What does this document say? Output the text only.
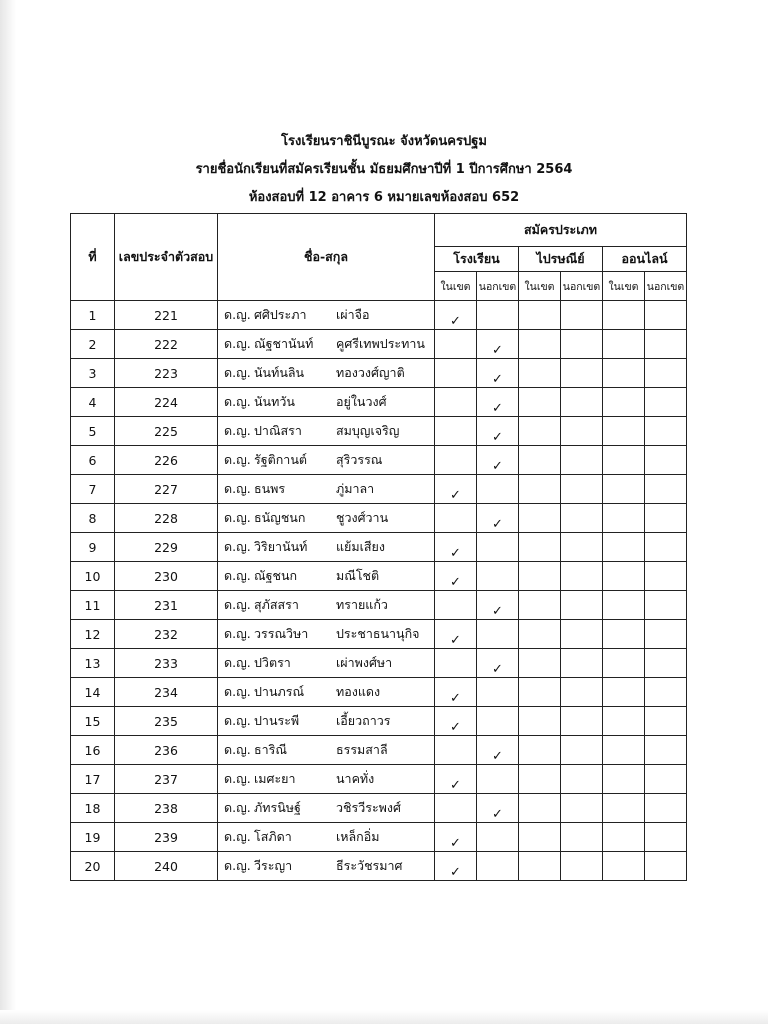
โรงเรียนราชินีบูรณะ จังหวัดนครปฐม
รายชื่อนักเรียนที่สมัครเรียนชั้น มัธยมศึกษาปีที่ 1 ปีการศึกษา 2564
ห้องสอบที่ 12 อาคาร 6 หมายเลขห้องสอบ 652
ที่	เลขประจำตัวสอบ	ชื่อ-สกุล	สมัครประเภท					
			โรงเรียน		ไปรษณีย์		ออนไลน์	
			ในเขต	นอกเขต	ในเขต	นอกเขต	ในเขต	นอกเขต
1	221	ด.ญ. ศศิประภา เผ่าจือ	✓					
2	222	ด.ญ. ณัฐชานันท์ คูศรีเทพประทาน		✓				
3	223	ด.ญ. นันท์นลิน ทองวงศ์ญาติ		✓				
4	224	ด.ญ. นันทวัน อยู่ในวงศ์		✓				
5	225	ด.ญ. ปาณิสรา สมบุญเจริญ		✓				
6	226	ด.ญ. รัฐติกานต์ สุริวรรณ		✓				
7	227	ด.ญ. ธนพร ภู่มาลา	✓					
8	228	ด.ญ. ธนัญชนก ชูวงศ์วาน		✓				
9	229	ด.ญ. วิริยานันท์ แย้มเสียง	✓					
10	230	ด.ญ. ณัฐชนก มณีโชติ	✓					
11	231	ด.ญ. สุภัสสรา ทรายแก้ว		✓				
12	232	ด.ญ. วรรณวิษา ประชาธนานุกิจ	✓					
13	233	ด.ญ. ปวิตรา เผ่าพงศ์ษา		✓				
14	234	ด.ญ. ปานภรณ์ ทองแดง	✓					
15	235	ด.ญ. ปานระพี เอี้ยวถาวร	✓					
16	236	ด.ญ. ธาริณี ธรรมสาลี		✓				
17	237	ด.ญ. เมศะยา นาคทั่ง	✓					
18	238	ด.ญ. ภัทรนิษฐ์ วชิรวีระพงศ์		✓				
19	239	ด.ญ. โสภิดา เหล็กอิ่ม	✓					
20	240	ด.ญ. วีระญา ธีระวัชรมาศ	✓					
